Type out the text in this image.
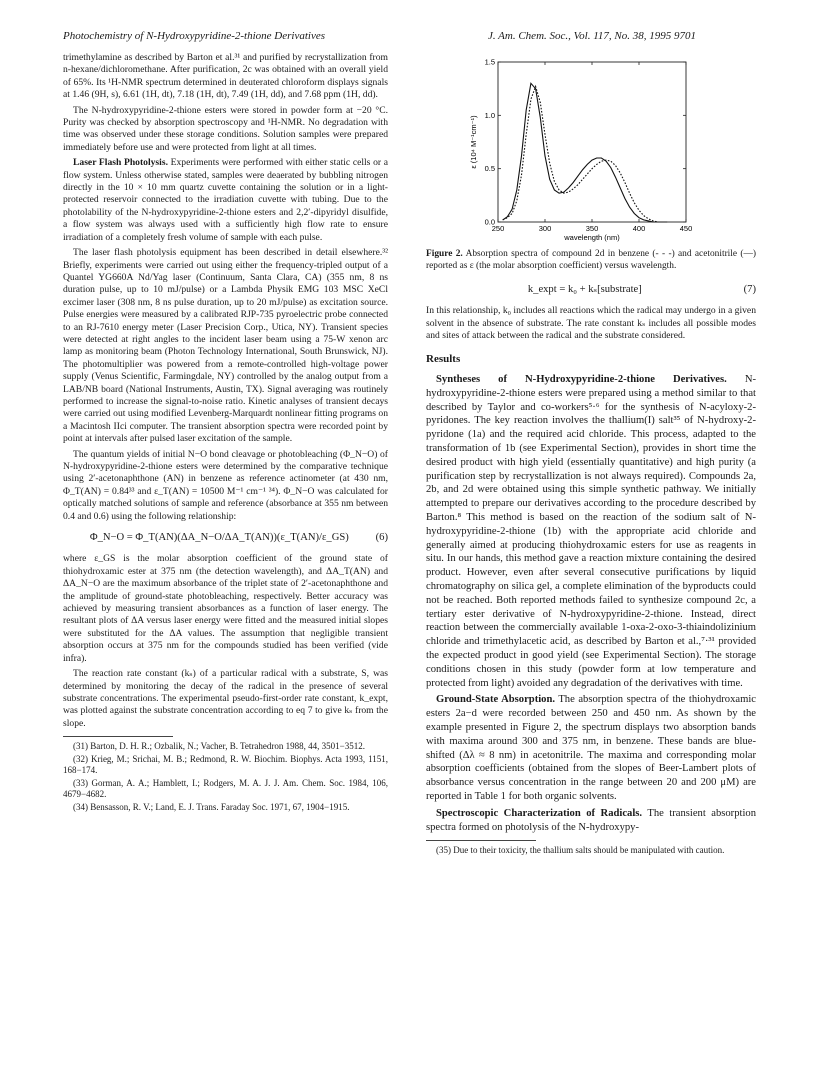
Photochemistry of N-Hydroxypyridine-2-thione Derivatives	J. Am. Chem. Soc., Vol. 117, No. 38, 1995 9701

trimethylamine as described by Barton et al.³¹ and purified by recrystallization from n-hexane/dichloromethane. After purification, 2c was obtained with an overall yield of 65%. Its ¹H-NMR spectrum determined in deuterated chloroform displays signals at 1.46 (9H, s), 6.61 (1H, dt), 7.18 (1H, dt), 7.49 (1H, dd), and 7.68 ppm (1H, dd).

The N-hydroxypyridine-2-thione esters were stored in powder form at −20 °C. Purity was checked by absorption spectroscopy and ¹H-NMR. No degradation with time was observed under these storage conditions. Solution samples were prepared immediately before use and were protected from light at all times.

Laser Flash Photolysis. Experiments were performed with either static cells or a flow system. Unless otherwise stated, samples were deaerated by bubbling nitrogen directly in the 10 × 10 mm quartz cuvette containing the solution or in a light-protected reservoir connected to the irradiation cuvette with tubing. Due to the photolability of the N-hydroxypyridine-2-thione esters and 2,2′-dipyridyl disulfide, a flow system was always used with a sufficiently high flow rate to ensure irradiation of a completely fresh volume of sample with each pulse.

The laser flash photolysis equipment has been described in detail elsewhere.³² Briefly, experiments were carried out using either the frequency-tripled output of a Quantel YG660A Nd/Yag laser (Continuum, Santa Clara, CA) (355 nm, 8 ns duration pulse, up to 10 mJ/pulse) or a Lambda Physik EMG 103 MSC XeCl excimer laser (308 nm, 8 ns pulse duration, up to 20 mJ/pulse) as excitation source. Pulse energies were measured by a calibrated RJP-735 pyroelectric probe connected to an RJ-7610 energy meter (Laser Precision Corp., Utica, NY). Transient species were detected at right angles to the incident laser beam using a 75-W xenon arc lamp as monitoring beam (Photon Technology International, South Brunswick, NJ). The photomultiplier was powered from a remote-controlled high-voltage power supply (Venus Scientific, Farmingdale, NY) controlled by the analog output from a LAB/NB board (National Instruments, Austin, TX). Signal averaging was routinely performed to increase the signal-to-noise ratio. Kinetic analyses of transient decays were carried out using modified Levenberg-Marquardt nonlinear fitting programs on a Macintosh IIci computer. The transient absorption spectra were recorded point by point at intervals after pulsed laser excitation of the sample.

The quantum yields of initial N−O bond cleavage or photobleaching (Φ_N−O) of N-hydroxypyridine-2-thione esters were determined by the comparative technique using 2′-acetonaphthone (AN) in benzene as reference actinometer (at 430 nm, Φ_T(AN) = 0.84³³ and ε_T(AN) = 10500 M⁻¹ cm⁻¹ ³⁴). Φ_N−O was calculated for optically matched solutions of sample and reference (absorbance at 355 nm between 0.4 and 0.6) using the following relationship:

Φ_N−O = Φ_T(AN)(ΔA_N−O/ΔA_T(AN))(ε_T(AN)/ε_GS)	(6)

where ε_GS is the molar absorption coefficient of the ground state of thiohydroxamic ester at 375 nm (the detection wavelength), and ΔA_T(AN) and ΔA_N−O are the maximum absorbance of the triplet state of 2′-acetonaphthone and the amplitude of ground-state photobleaching, respectively. Better accuracy was achieved by measuring transient absorbances as a function of laser energy. The resultant plots of ΔA versus laser energy were fitted and the measured initial slopes were substituted for the ΔA values. The assumption that negligible transient absorption occurs at 375 nm for the compounds studied has been verified (vide infra).

The reaction rate constant (kₛ) of a particular radical with a substrate, S, was determined by monitoring the decay of the radical in the presence of several substrate concentrations. The experimental pseudo-first-order rate constant, k_expt, was plotted against the substrate concentration according to eq 7 to give kₛ from the slope.

(31) Barton, D. H. R.; Ozbalik, N.; Vacher, B. Tetrahedron 1988, 44, 3501−3512.
(32) Krieg, M.; Srichai, M. B.; Redmond, R. W. Biochim. Biophys. Acta 1993, 1151, 168−174.
(33) Gorman, A. A.; Hamblett, I.; Rodgers, M. A. J. J. Am. Chem. Soc. 1984, 106, 4679−4682.
(34) Bensasson, R. V.; Land, E. J. Trans. Faraday Soc. 1971, 67, 1904−1915.
250	300	350	400	450
0.0
0.5
1.0
1.5
wavelength (nm)
ε (10⁴ M⁻¹cm⁻¹)

Figure 2. Absorption spectra of compound 2d in benzene (- - -) and acetonitrile (—) reported as ε (the molar absorption coefficient) versus wavelength.

k_expt = k₀ + kₛ[substrate]	(7)

In this relationship, k₀ includes all reactions which the radical may undergo in a given solvent in the absence of substrate. The rate constant kₛ includes all possible modes and sites of attack between the radical and the substrate considered.

Results

Syntheses of N-Hydroxypyridine-2-thione Derivatives. N-hydroxypyridine-2-thione esters were prepared using a method similar to that described by Taylor and co-workers⁵·⁶ for the synthesis of N-acyloxy-2-pyridones. The key reaction involves the thallium(I) salt³⁵ of N-hydroxy-2-pyridone (1a) and the required acid chloride. This process, adapted to the transformation of 1b (see Experimental Section), provides in short time the desired product with high yield (essentially quantitative) and high purity (a purification step by recrystallization is not always required). Compounds 2a, 2b, and 2d were obtained using this simple synthetic pathway. We initially attempted to prepare our derivatives according to the procedure described by Barton.⁸ This method is based on the reaction of the sodium salt of N-hydroxypyridine-2-thione (1b) with the appropriate acid chloride and generally aimed at producing thiohydroxamic esters for use as reagents in situ. In our hands, this method gave a reaction mixture containing the desired product. However, even after several consecutive purifications by liquid chromatography on silica gel, a complete elimination of the byproducts could not be reached. Both reported methods failed to synthesize compound 2c, a tertiary ester derivative of N-hydroxypyridine-2-thione. Instead, direct reaction between the commercially available 1-oxa-2-oxo-3-thiaindolizinium chloride and trimethylacetic acid, as described by Barton et al.,⁷·³¹ provided the expected product in good yield (see Experimental Section). The storage conditions chosen in this study (powder form at low temperature and protected from light) avoided any degradation of the derivatives with time.

Ground-State Absorption. The absorption spectra of the thiohydroxamic esters 2a−d were recorded between 250 and 450 nm. As shown by the example presented in Figure 2, the spectrum displays two absorption bands with maxima around 300 and 375 nm, in benzene. These bands are blue-shifted (Δλ ≈ 8 nm) in acetonitrile. The maxima and corresponding molar absorption coefficients (obtained from the slopes of Beer-Lambert plots of absorbance versus concentration in the range between 20 and 200 μM) are reported in Table 1 for both organic solvents.

Spectroscopic Characterization of Radicals. The transient absorption spectra formed on photolysis of the N-hydroxypy-

(35) Due to their toxicity, the thallium salts should be manipulated with caution.
